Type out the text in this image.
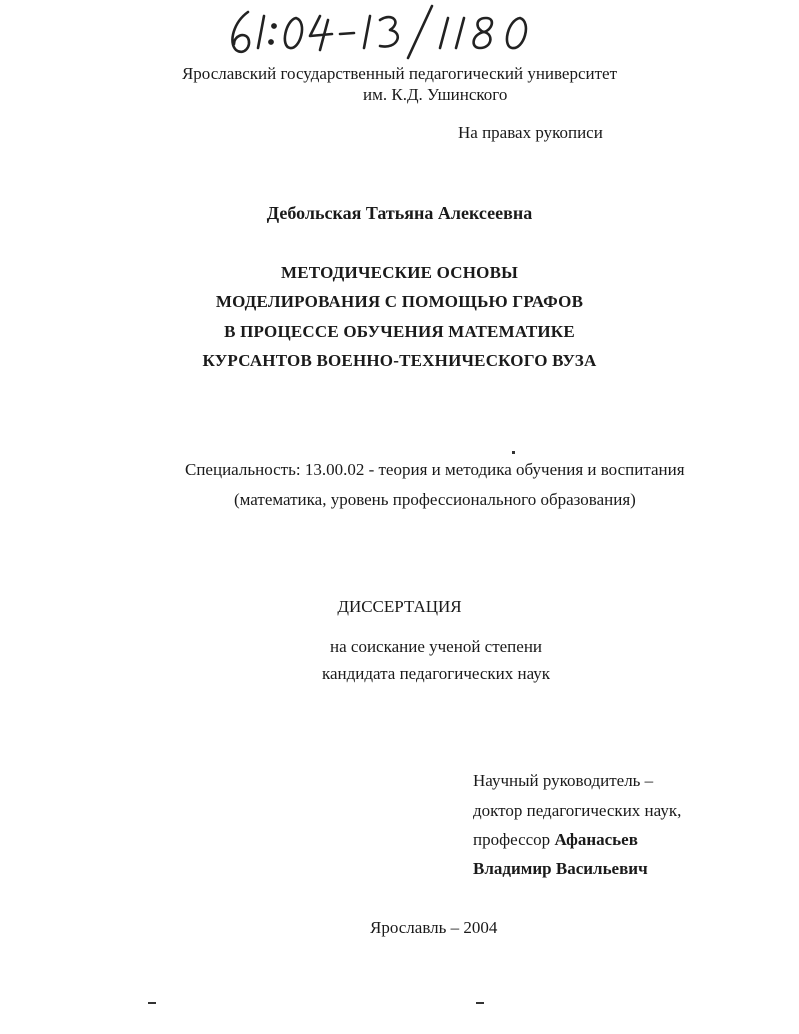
Ярославский государственный педагогический университет
им. К.Д. Ушинского
На правах рукописи
Дебольская Татьяна Алексеевна
МЕТОДИЧЕСКИЕ ОСНОВЫ
МОДЕЛИРОВАНИЯ С ПОМОЩЬЮ ГРАФОВ
В ПРОЦЕССЕ ОБУЧЕНИЯ МАТЕМАТИКЕ
КУРСАНТОВ ВОЕННО-ТЕХНИЧЕСКОГО ВУЗА
Специальность: 13.00.02 - теория и методика обучения и воспитания
(математика, уровень профессионального образования)
ДИССЕРТАЦИЯ
на соискание ученой степени
кандидата педагогических наук
Научный руководитель –
доктор педагогических наук,
профессор Афанасьев
Владимир Васильевич
Ярославль – 2004
